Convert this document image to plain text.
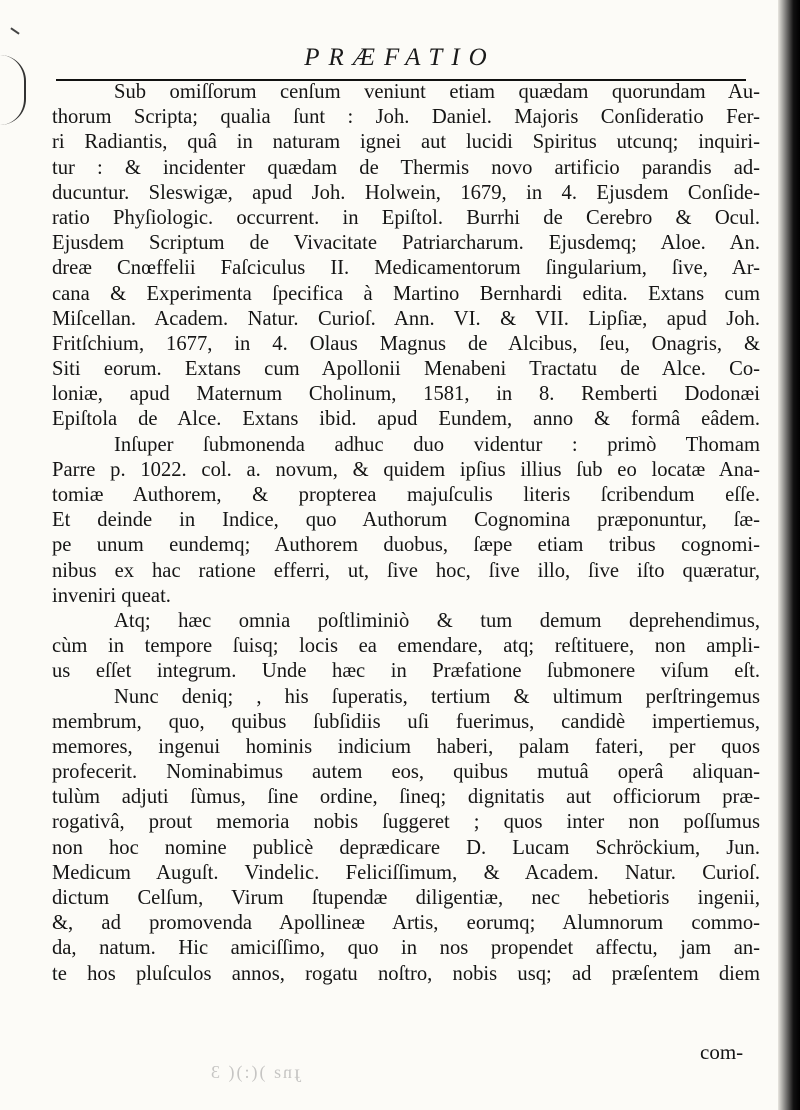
PRÆFATIO
Sub omiſſorum cenſum veniunt etiam quædam quorundam Au-
thorum Scripta; qualia ſunt : Joh. Daniel. Majoris Conſideratio Fer-
ri Radiantis, quâ in naturam ignei aut lucidi Spiritus utcunq; inquiri-
tur : & incidenter quædam de Thermis novo artificio parandis ad-
ducuntur. Sleswigæ, apud Joh. Holwein, 1679, in 4. Ejusdem Conſide-
ratio Phyſiologic. occurrent. in Epiſtol. Burrhi de Cerebro & Ocul.
Ejusdem Scriptum de Vivacitate Patriarcharum. Ejusdemq; Aloe. An.
dreæ Cnœffelii Faſciculus II. Medicamentorum ſingularium, ſive, Ar-
cana & Experimenta ſpecifica à Martino Bernhardi edita. Extans cum
Miſcellan. Academ. Natur. Curioſ. Ann. VI. & VII. Lipſiæ, apud Joh.
Fritſchium, 1677, in 4. Olaus Magnus de Alcibus, ſeu, Onagris, &
Siti eorum. Extans cum Apollonii Menabeni Tractatu de Alce. Co-
loniæ, apud Maternum Cholinum, 1581, in 8. Remberti Dodonæi
Epiſtola de Alce. Extans ibid. apud Eundem, anno & formâ eâdem.
Inſuper ſubmonenda adhuc duo videntur : primò Thomam
Parre p. 1022. col. a. novum, & quidem ipſius illius ſub eo locatæ Ana-
tomiæ Authorem, & propterea majuſculis literis ſcribendum eſſe.
Et deinde in Indice, quo Authorum Cognomina præponuntur, ſæ-
pe unum eundemq; Authorem duobus, ſæpe etiam tribus cognomi-
nibus ex hac ratione efferri, ut, ſive hoc, ſive illo, ſive iſto quæratur,
inveniri queat.
Atq; hæc omnia poſtliminiò & tum demum deprehendimus,
cùm in tempore ſuisq; locis ea emendare, atq; reſtituere, non ampli-
us eſſet integrum. Unde hæc in Præfatione ſubmonere viſum eſt.
Nunc deniq; , his ſuperatis, tertium & ultimum perſtringemus
membrum, quo, quibus ſubſidiis uſi fuerimus, candidè impertiemus,
memores, ingenui hominis indicium haberi, palam fateri, per quos
profecerit. Nominabimus autem eos, quibus mutuâ operâ aliquan-
tulùm adjuti ſùmus, ſine ordine, ſineq; dignitatis aut officiorum præ-
rogativâ, prout memoria nobis ſuggeret ; quos inter non poſſumus
non hoc nomine publicè deprædicare D. Lucam Schröckium, Jun.
Medicum Auguſt. Vindelic. Feliciſſimum, & Academ. Natur. Curioſ.
dictum Celſum, Virum ſtupendæ diligentiæ, nec hebetioris ingenii,
&, ad promovenda Apollineæ Artis, eorumq; Alumnorum commo-
da, natum. Hic amiciſſimo, quo in nos propendet affectu, jam an-
te hos pluſculos annos, rogatu noſtro, nobis usq; ad præſentem diem
com-
ɟnƨ )(:)( 3
